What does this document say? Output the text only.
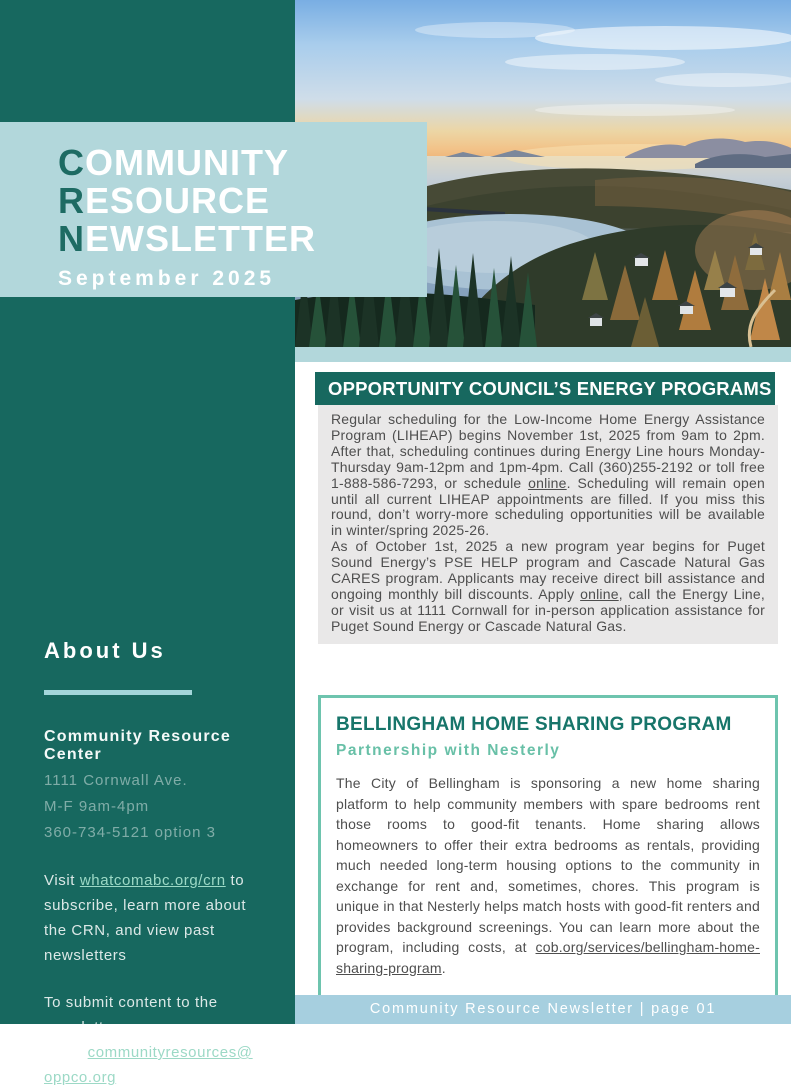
COMMUNITY
RESOURCE
NEWSLETTER
September 2025
About Us
Community Resource Center
1111 Cornwall Ave.
M-F 9am-4pm
360-734-5121 option 3
Visit whatcomabc.org/crn to subscribe, learn more about the CRN, and view past newsletters
To submit content to the newsletter,
email communityresources@
oppco.org
OPPORTUNITY COUNCIL’S ENERGY PROGRAMS

Regular scheduling for the Low-Income Home Energy Assistance Program (LIHEAP) begins November 1st, 2025 from 9am to 2pm. After that, scheduling continues during Energy Line hours Monday-Thursday 9am-12pm and 1pm-4pm. Call (360)255-2192 or toll free 1-888-586-7293, or schedule online. Scheduling will remain open until all current LIHEAP appointments are filled. If you miss this round, don’t worry-more scheduling opportunities will be available in winter/spring 2025-26.

As of October 1st, 2025 a new program year begins for Puget Sound Energy’s PSE HELP program and Cascade Natural Gas CARES program. Applicants may receive direct bill assistance and ongoing monthly bill discounts. Apply online, call the Energy Line, or visit us at 1111 Cornwall for in-person application assistance for Puget Sound Energy or Cascade Natural Gas.

BELLINGHAM HOME SHARING PROGRAM
Partnership with Nesterly
The City of Bellingham is sponsoring a new home sharing platform to help community members with spare bedrooms rent those rooms to good-fit tenants. Home sharing allows homeowners to offer their extra bedrooms as rentals, providing much needed long-term housing options to the community in exchange for rent and, sometimes, chores. This program is unique in that Nesterly helps match hosts with good-fit renters and provides background screenings. You can learn more about the program, including costs, at cob.org/services/bellingham-home-sharing-program.
Community Resource Newsletter | page 01
